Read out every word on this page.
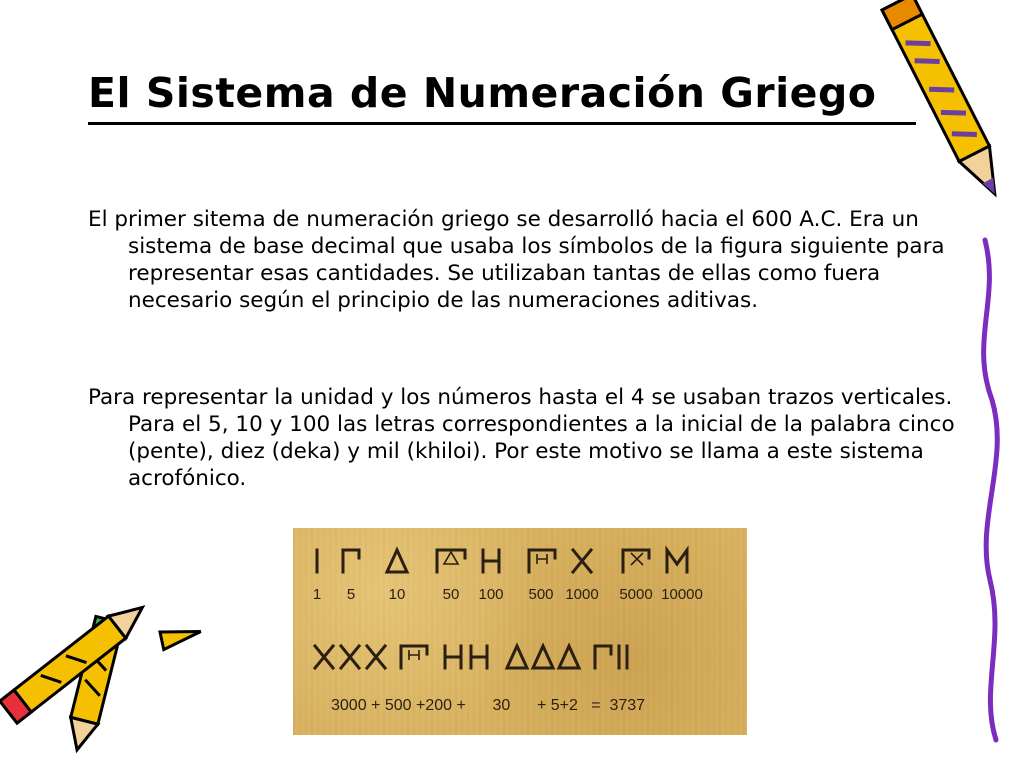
El Sistema de Numeración Griego

El primer sitema de numeración griego se desarrolló hacia el 600 A.C. Era un sistema de base decimal que usaba los símbolos de la figura siguiente para representar esas cantidades. Se utilizaban tantas de ellas como fuera necesario según el principio de las numeraciones aditivas.

Para representar la unidad y los números hasta el 4 se usaban trazos verticales. Para el 5, 10 y 100 las letras correspondientes a la inicial de la palabra cinco (pente), diez (deka) y mil (khiloi). Por este motivo se llama a este sistema acrofónico.

1 5 10 50 100 500 1000 5000 10000
3000 + 500 +200 +      30      + 5+2   =  3737
